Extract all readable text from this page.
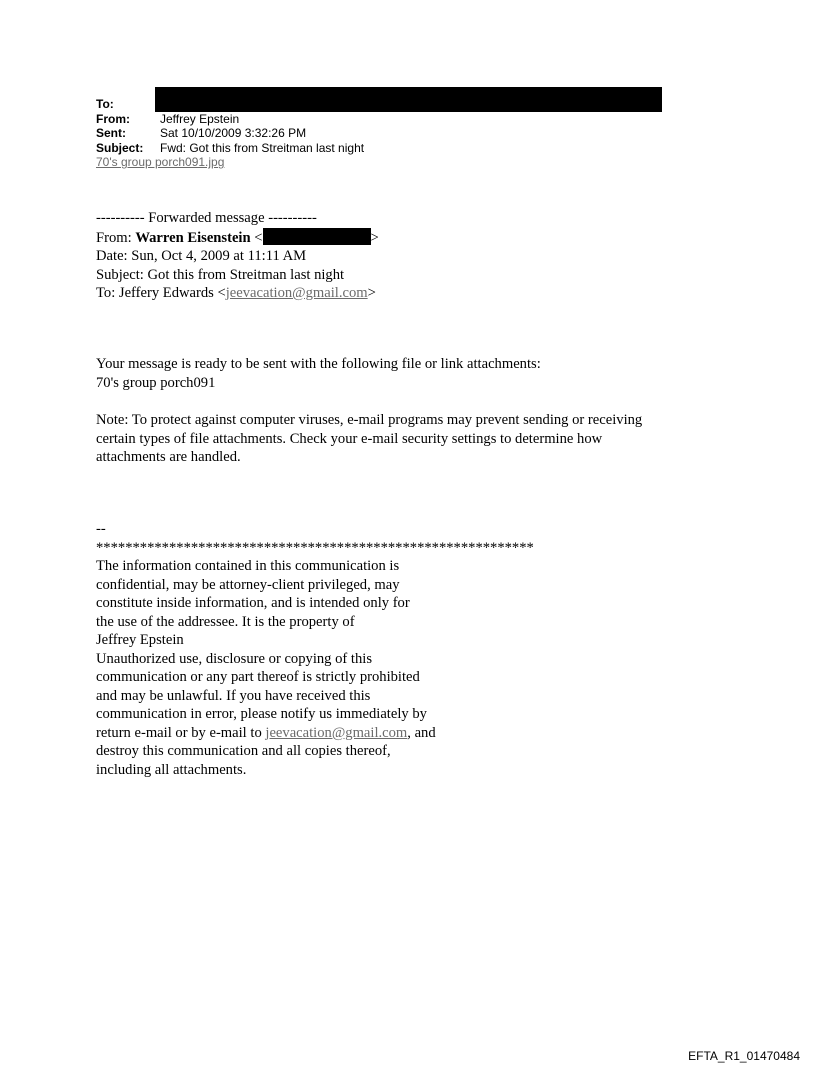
To:
From:	Jeffrey Epstein
Sent:	Sat 10/10/2009 3:32:26 PM
Subject:	Fwd: Got this from Streitman last night
70's group porch091.jpg
---------- Forwarded message ----------
From: Warren Eisenstein <	>
Date: Sun, Oct 4, 2009 at 11:11 AM
Subject: Got this from Streitman last night
To: Jeffery Edwards <jeevacation@gmail.com>
Your message is ready to be sent with the following file or link attachments:
70's group porch091
Note: To protect against computer viruses, e-mail programs may prevent sending or receiving
certain types of file attachments. Check your e-mail security settings to determine how
attachments are handled.
--
************************************************************
The information contained in this communication is
confidential, may be attorney-client privileged, may
constitute inside information, and is intended only for
the use of the addressee. It is the property of
Jeffrey Epstein
Unauthorized use, disclosure or copying of this
communication or any part thereof is strictly prohibited
and may be unlawful. If you have received this
communication in error, please notify us immediately by
return e-mail or by e-mail to jeevacation@gmail.com, and
destroy this communication and all copies thereof,
including all attachments.
EFTA_R1_01470484
